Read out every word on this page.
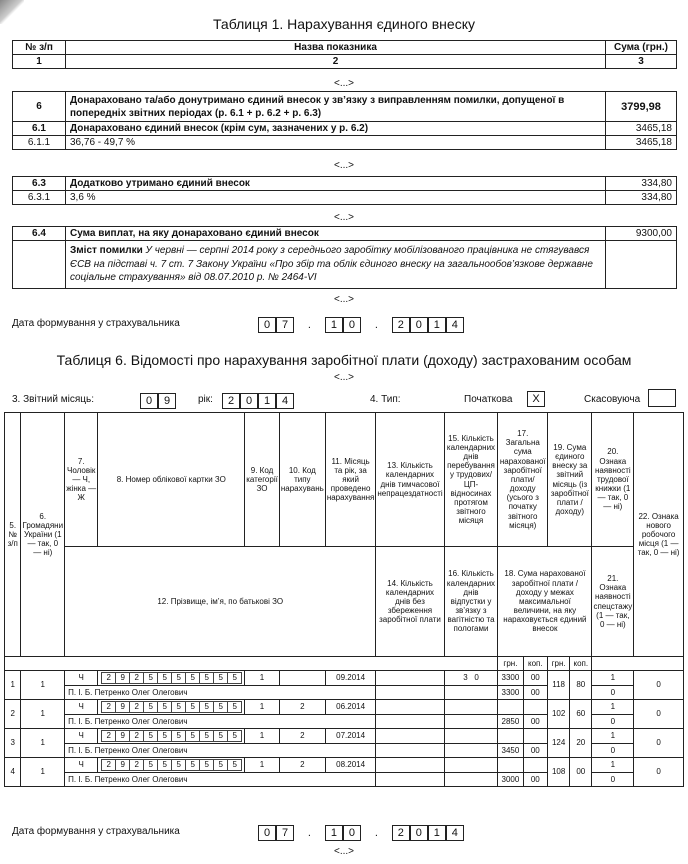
Таблиця 1. Нарахування єдиного внеску
№ з/п	Назва показника	Сума (грн.)
1	2	3
<...>
6	Донараховано та/або донутримано єдиний внесок у зв’язку з виправленням помилки, допущеної в попередніх звітних періодах (р. 6.1 + р. 6.2 + р. 6.3)	3799,98
6.1	Донараховано єдиний внесок (крім сум, зазначених у р. 6.2)	3465,18
6.1.1	36,76 - 49,7 %	3465,18
<...>
6.3	Додатково утримано єдиний внесок	334,80
6.3.1	3,6 %	334,80
<...>
6.4	Сума виплат, на яку донараховано єдиний внесок	9300,00
	Зміст помилки У червні — серпні 2014 року з середнього заробітку мобілізованого працівника не стягувався ЄСВ на підставі ч. 7 ст. 7 Закону України «Про збір та облік єдиного внеску на загальнообов’язкове державне соціальне страхування» від 08.07.2010 р. № 2464-VI	
<...>
Дата формування у страхувальника	0 7 . 1 0 . 2 0 1 4
Таблиця 6. Відомості про нарахування заробітної плати (доходу) застрахованим особам
<...>
3. Звітний місяць:	0 9	рік:	2 0 1 4	4. Тип:	Початкова	X	Скасовуюча
5. № з/п	6. Громадяни України (1 — так, 0 — ні)	7. Чоловік — Ч, жінка — Ж	8. Номер облікової картки ЗО	9. Код категорії ЗО	10. Код типу нарахувань	11. Місяць та рік, за який проведено нарахування	13. Кількість календарних днів тимчасової непрацездатності	15. Кількість календарних днів перебування у трудових/ЦП-відносинах протягом звітного місяця	17. Загальна сума нарахованої заробітної плати/доходу (усього з початку звітного місяця)		19. Сума єдиного внеску за звітний місяць (із заробітної плати / доходу)		20. Ознака наявності трудової книжки (1 — так, 0 — ні)	22. Ознака нового робочого місця (1 — так, 0 — ні)
		12. Прізвище, ім’я, по батькові ЗО					14. Кількість календарних днів без збереження заробітної плати	16. Кількість календарних днів відпустки у зв’язку з вагітністю та пологами	18. Сума нарахованої заробітної плати / доходу у межах максимальної величини, на яку нараховується єдиний внесок				21. Ознака наявності спецстажу (1 — так, 0 — ні)	
									грн.	коп.	грн.	коп.		
1	1	Ч	2 9 2 5 5 5 5 5 5 5	1		09.2014		3 0	3300	00	118	80	1	0
		П. І. Б. Петренко Олег Олегович							3300	00			0	
2	1	Ч	2 9 2 5 5 5 5 5 5 5	1	2	06.2014					102	60	1	0
		П. І. Б. Петренко Олег Олегович							2850	00			0	
3	1	Ч	2 9 2 5 5 5 5 5 5 5	1	2	07.2014					124	20	1	0
		П. І. Б. Петренко Олег Олегович							3450	00			0	
4	1	Ч	2 9 2 5 5 5 5 5 5 5	1	2	08.2014					108	00	1	0
		П. І. Б. Петренко Олег Олегович							3000	00			0	
Дата формування у страхувальника	0 7 . 1 0 . 2 0 1 4
<...>
